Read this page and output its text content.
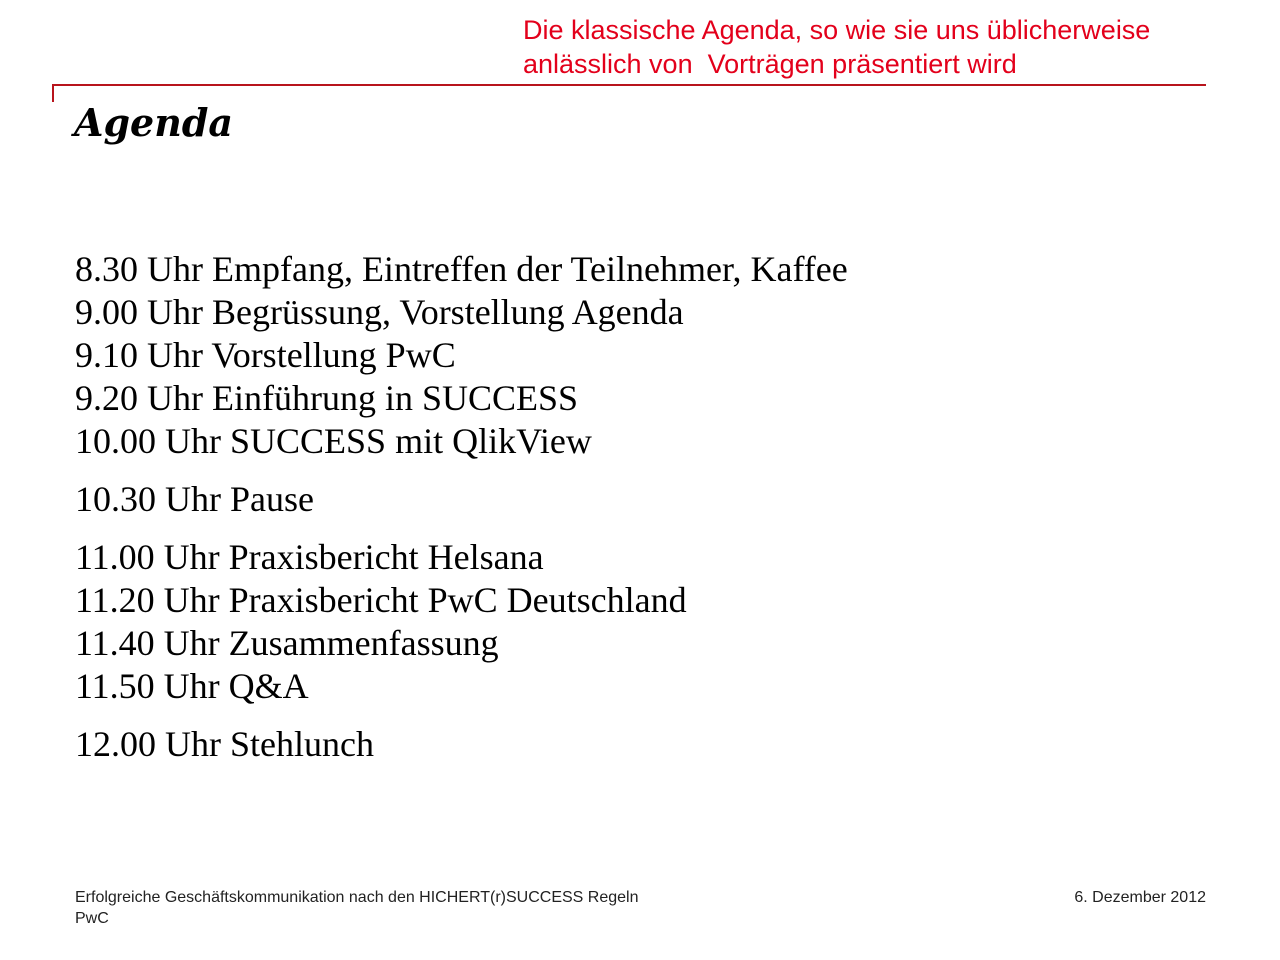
Die klassische Agenda, so wie sie uns üblicherweise
anlässlich von  Vorträgen präsentiert wird
Agenda
8.30 Uhr Empfang, Eintreffen der Teilnehmer, Kaffee
9.00 Uhr Begrüssung, Vorstellung Agenda
9.10 Uhr Vorstellung PwC
9.20 Uhr Einführung in SUCCESS
10.00 Uhr SUCCESS mit QlikView
10.30 Uhr Pause
11.00 Uhr Praxisbericht Helsana
11.20 Uhr Praxisbericht PwC Deutschland
11.40 Uhr Zusammenfassung
11.50 Uhr Q&A
12.00 Uhr Stehlunch
Erfolgreiche Geschäftskommunikation nach den HICHERT(r)SUCCESS Regeln
PwC
6. Dezember 2012
